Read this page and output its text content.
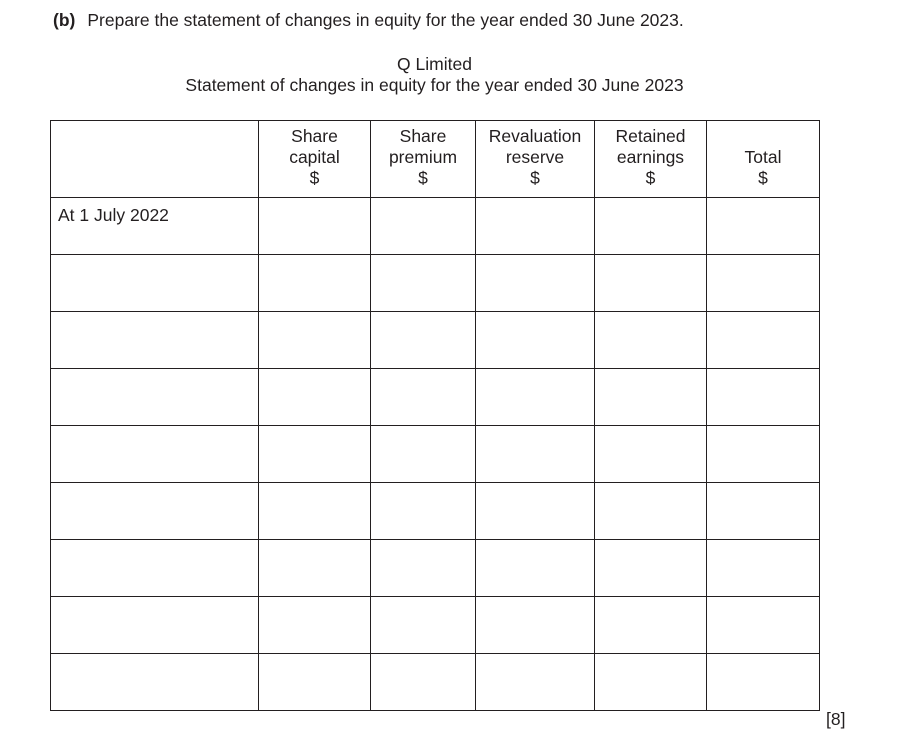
(b) Prepare the statement of changes in equity for the year ended 30 June 2023.
Q Limited
Statement of changes in equity for the year ended 30 June 2023

	Share
capital
$	Share
premium
$	Revaluation
reserve
$	Retained
earnings
$	Total
$

At 1 July 2022					

[8]
